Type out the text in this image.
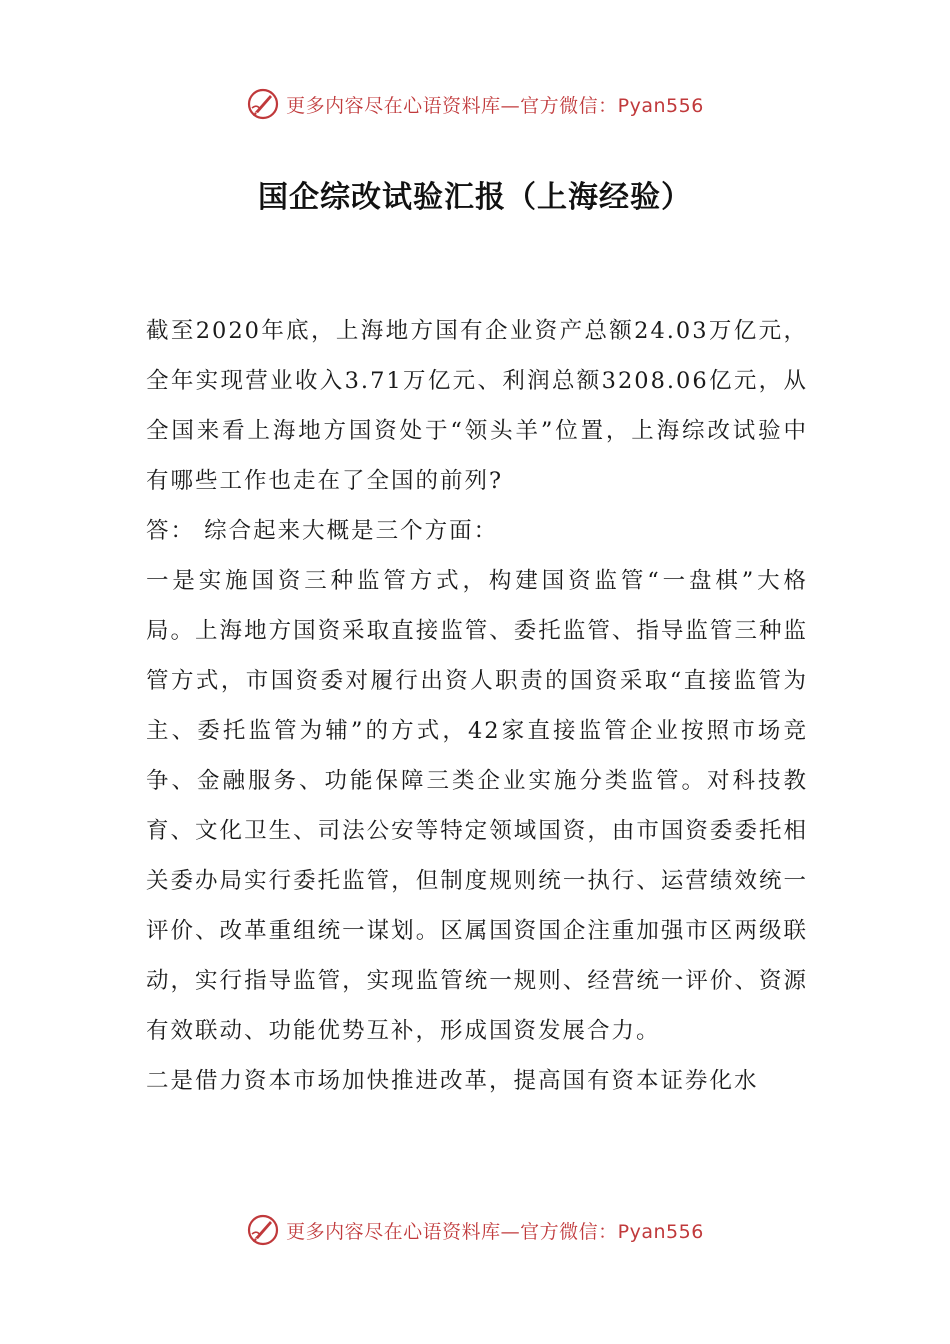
更多内容尽在心语资料库—官方微信：Pyan556
国企综改试验汇报（上海经验）

截至2020年底，上海地方国有企业资产总额24.03万亿元，全年实现营业收入3.71万亿元、利润总额3208.06亿元，从全国来看上海地方国资处于“领头羊”位置，上海综改试验中有哪些工作也走在了全国的前列?

答： 综合起来大概是三个方面：

一是实施国资三种监管方式，构建国资监管“一盘棋”大格局。上海地方国资采取直接监管、委托监管、指导监管三种监管方式，市国资委对履行出资人职责的国资采取“直接监管为主、委托监管为辅”的方式，42家直接监管企业按照市场竞争、金融服务、功能保障三类企业实施分类监管。对科技教育、文化卫生、司法公安等特定领域国资，由市国资委委托相关委办局实行委托监管，但制度规则统一执行、运营绩效统一评价、改革重组统一谋划。区属国资国企注重加强市区两级联动，实行指导监管，实现监管统一规则、经营统一评价、资源有效联动、功能优势互补，形成国资发展合力。

二是借力资本市场加快推进改革，提高国有资本证券化水

更多内容尽在心语资料库—官方微信：Pyan556
